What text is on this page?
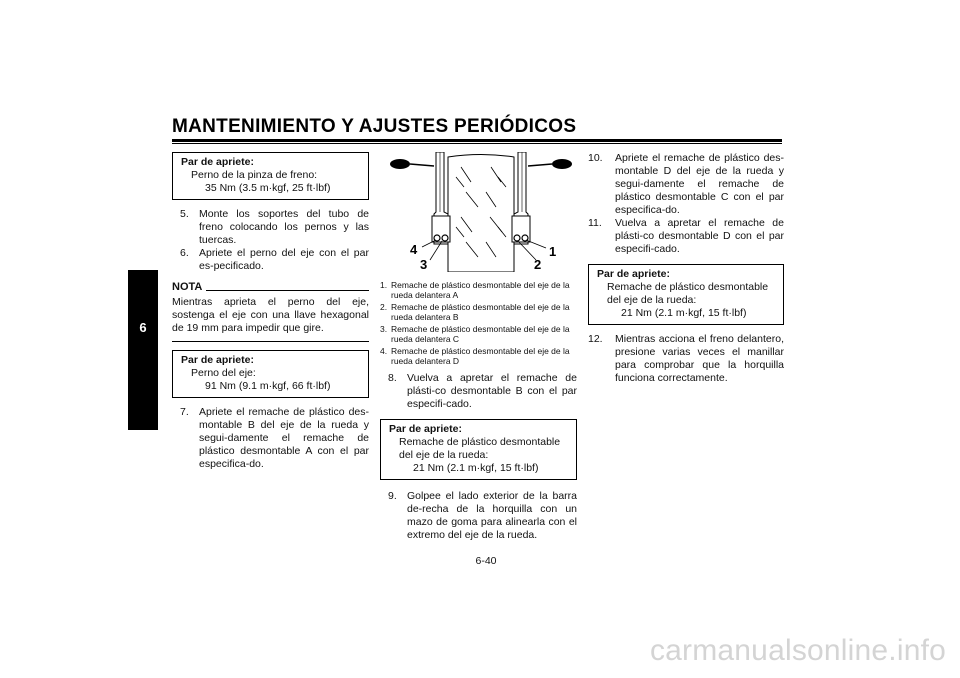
MANTENIMIENTO Y AJUSTES PERIÓDICOS
6
Par de apriete:
Perno de la pinza de freno:
35 Nm (3.5 m·kgf, 25 ft·lbf)
5. Monte los soportes del tubo de freno colocando los pernos y las tuercas.
6. Apriete el perno del eje con el par es-pecificado.
NOTA
Mientras aprieta el perno del eje, sostenga el eje con una llave hexagonal de 19 mm para impedir que gire.
Par de apriete:
Perno del eje:
91 Nm (9.1 m·kgf, 66 ft·lbf)
7. Apriete el remache de plástico des-montable B del eje de la rueda y segui-damente el remache de plástico desmontable A con el par especifica-do.
4	1
3	2
1. Remache de plástico desmontable del eje de la rueda delantera A
2. Remache de plástico desmontable del eje de la rueda delantera B
3. Remache de plástico desmontable del eje de la rueda delantera C
4. Remache de plástico desmontable del eje de la rueda delantera D
8. Vuelva a apretar el remache de plásti-co desmontable B con el par especifi-cado.
Par de apriete:
Remache de plástico desmontable
del eje de la rueda:
21 Nm (2.1 m·kgf, 15 ft·lbf)
9. Golpee el lado exterior de la barra de-recha de la horquilla con un mazo de goma para alinearla con el extremo del eje de la rueda.
10. Apriete el remache de plástico des-montable D del eje de la rueda y segui-damente el remache de plástico desmontable C con el par especifica-do.
11. Vuelva a apretar el remache de plásti-co desmontable D con el par especifi-cado.
Par de apriete:
Remache de plástico desmontable
del eje de la rueda:
21 Nm (2.1 m·kgf, 15 ft·lbf)
12. Mientras acciona el freno delantero, presione varias veces el manillar para comprobar que la horquilla funciona correctamente.
6-40
carmanualsonline.info
